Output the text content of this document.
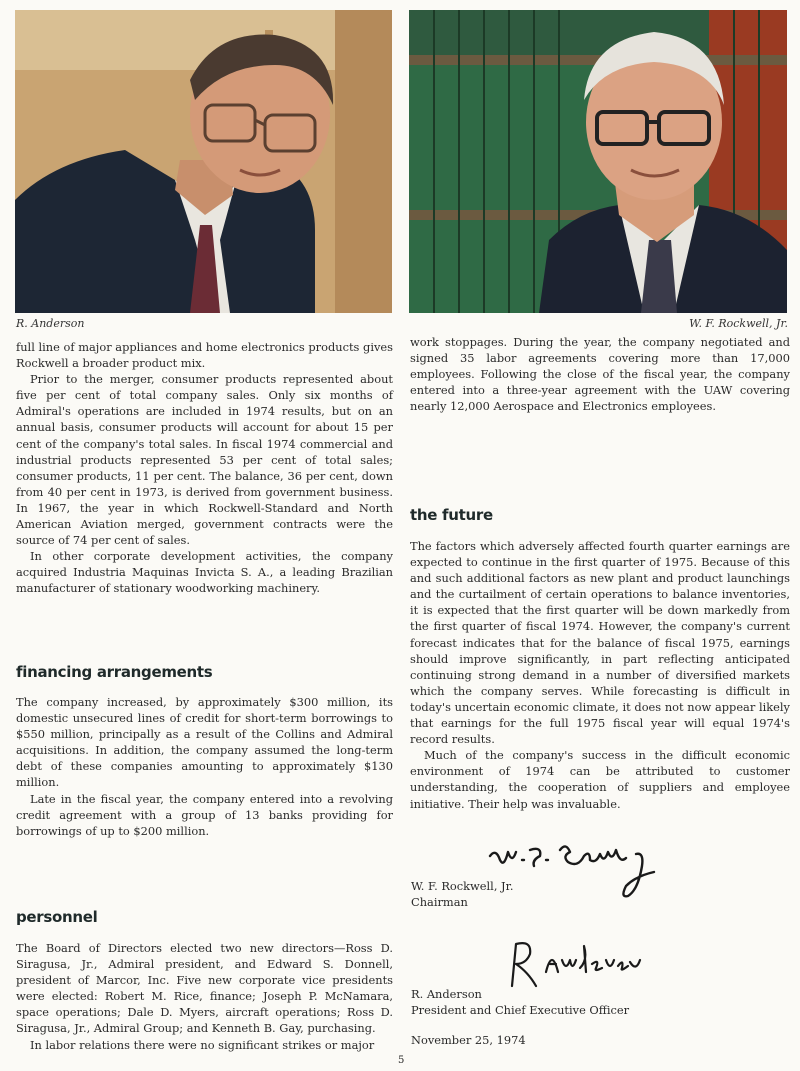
R. Anderson	W. F. Rockwell, Jr.

full line of major appliances and home electronics products gives Rockwell a broader product mix.

Prior to the merger, consumer products represented about five per cent of total company sales. Only six months of Admiral's operations are included in 1974 results, but on an annual basis, consumer products will account for about 15 per cent of the company's total sales. In fiscal 1974 commercial and industrial products represented 53 per cent of total sales; consumer products, 11 per cent. The balance, 36 per cent, down from 40 per cent in 1973, is derived from government business. In 1967, the year in which Rockwell-Standard and North American Aviation merged, government contracts were the source of 74 per cent of sales.

In other corporate development activities, the company acquired Industria Maquinas Invicta S. A., a leading Brazilian manufacturer of stationary woodworking machinery.

financing arrangements

The company increased, by approximately $300 million, its domestic unsecured lines of credit for short-term borrowings to $550 million, principally as a result of the Collins and Admiral acquisitions. In addition, the company assumed the long-term debt of these companies amounting to approximately $130 million.

Late in the fiscal year, the company entered into a revolving credit agreement with a group of 13 banks providing for borrowings of up to $200 million.

personnel

The Board of Directors elected two new directors—Ross D. Siragusa, Jr., Admiral president, and Edward S. Donnell, president of Marcor, Inc. Five new corporate vice presidents were elected: Robert M. Rice, finance; Joseph P. McNamara, space operations; Dale D. Myers, aircraft operations; Ross D. Siragusa, Jr., Admiral Group; and Kenneth B. Gay, purchasing.

In labor relations there were no significant strikes or major

work stoppages. During the year, the company negotiated and signed 35 labor agreements covering more than 17,000 employees. Following the close of the fiscal year, the company entered into a three-year agreement with the UAW covering nearly 12,000 Aerospace and Electronics employees.

the future

The factors which adversely affected fourth quarter earnings are expected to continue in the first quarter of 1975. Because of this and such additional factors as new plant and product launchings and the curtailment of certain operations to balance inventories, it is expected that the first quarter will be down markedly from the first quarter of fiscal 1974. However, the company's current forecast indicates that for the balance of fiscal 1975, earnings should improve significantly, in part reflecting anticipated continuing strong demand in a number of diversified markets which the company serves. While forecasting is difficult in today's uncertain economic climate, it does not now appear likely that earnings for the full 1975 fiscal year will equal 1974's record results.

Much of the company's success in the difficult economic environment of 1974 can be attributed to customer understanding, the cooperation of suppliers and employee initiative. Their help was invaluable.

W. F. Rockwell, Jr.
Chairman
R. Anderson
President and Chief Executive Officer
November 25, 1974
5
